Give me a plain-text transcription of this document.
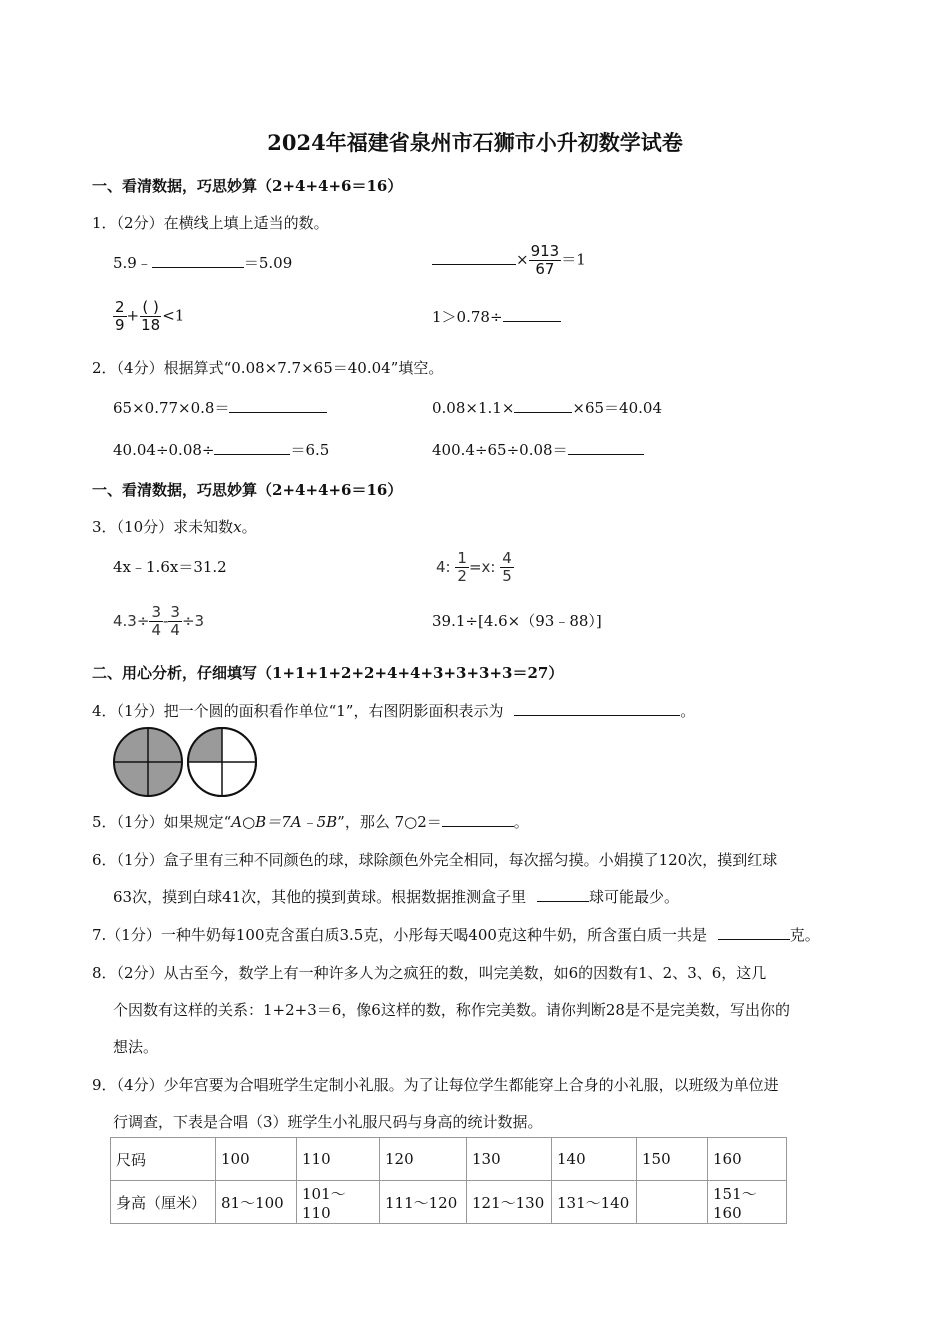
2024年福建省泉州市石狮市小升初数学试卷
一、看清数据，巧思妙算（2+4+4+6＝16）
1．（2分）在横线上填上适当的数。
5.9﹣	＝5.09	× $\frac{913}{67} =1$
$\frac{2}{9} + \frac{( )}{18} <1$	1＞0.78÷
2．（4分）根据算式“0.08×7.7×65＝40.04”填空。
65×0.77×0.8＝	0.08×1.1×	×65＝40.04
40.04÷0.08÷	＝6.5	400.4÷65÷0.08＝
一、看清数据，巧思妙算（2+4+4+6＝16）
3．（10分）求未知数x。
4x﹣1.6x＝31.2	4: $\frac{1}{2} =x$: $\frac{4}{5}$
$4.3\div \frac{3}{4} - \frac{3}{4} \div 3$	39.1÷[4.6×（93﹣88）]
二、用心分析，仔细填写（1+1+1+2+2+4+4+3+3+3+3＝27）
4．（1分）把一个圆的面积看作单位“1”，右图阴影面积表示为	。
5．（1分）如果规定“A○B＝7A﹣5B”，那么 7○2＝	。
6．（1分）盒子里有三种不同颜色的球，球除颜色外完全相同，每次摇匀摸。小娟摸了120次，摸到红球
63次，摸到白球41次，其他的摸到黄球。根据数据推测盒子里	球可能最少。
7.（1分）一种牛奶每100克含蛋白质3.5克，小彤每天喝400克这种牛奶，所含蛋白质一共是	克。
8．（2分）从古至今，数学上有一种许多人为之疯狂的数，叫完美数，如6的因数有1、2、3、6，这几
个因数有这样的关系：1+2+3＝6，像6这样的数，称作完美数。请你判断28是不是完美数，写出你的
想法。
9．（4分）少年宫要为合唱班学生定制小礼服。为了让每位学生都能穿上合身的小礼服，以班级为单位进
行调查，下表是合唱（3）班学生小礼服尺码与身高的统计数据。
尺码	100	110	120	130	140	150	160
身高（厘米）	81～100	101～110	111～120	121～130	131～140		151～160
